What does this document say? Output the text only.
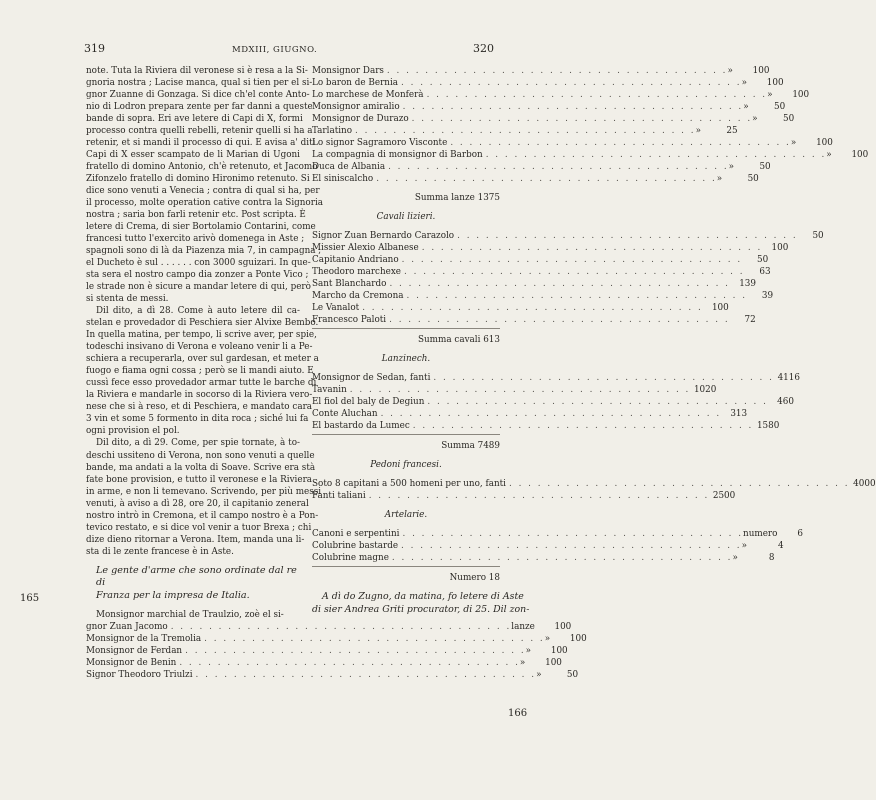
319	MDXIII, GIUGNO.	320
165
166
note. Tuta la Riviera dil veronese si è resa a la Si-
gnoria nostra ; Lacise manca, qual si tien per el si-
gnor Zuanne di Gonzaga. Si dice ch'el conte Anto-
nio di Lodron prepara zente per far danni a queste
bande di sopra. Eri ave letere di Capi di X, formi
processo contra quelli rebelli, retenir quelli si ha a
retenir, et si mandi il processo di qui. E avisa a' diti
Capi di X esser scampato de li Marian di Ugoni
fratello di domino Antonio, ch'è retenuto, et Jacomo
Zifonzelo fratello di domino Hironimo retenuto. Si
dice sono venuti a Venecia ; contra di qual si ha, per
il processo, molte operation cative contra la Signoria
nostra ; saria bon farli retenir etc. Post scripta. È
letere di Crema, di sier Bortolamio Contarini, come
francesi tutto l'exercito arivò domenega in Aste ;
spagnoli sono di là da Piazenza mia 7, in campagna ;
el Ducheto è sul . . . . . . con 3000 sguizari. In que-
sta sera el nostro campo dia zonzer a Ponte Vico ;
le strade non è sicure a mandar letere di qui, però
si stenta de messi.
Dil dito, a dì 28. Come à auto letere dil ca-
stelan e provedador di Peschiera sier Alvixe Bembo.
In quella matina, per tempo, li scrive aver, per spie,
todeschi insivano di Verona e voleano venir li a Pe-
schiera a recuperarla, over sul gardesan, et meter a
fuogo e fiama ogni cossa ; però se li mandi aiuto. E
cussì fece esso provedador armar tutte le barche di
la Riviera e mandarle in socorso di la Riviera vero-
nese che si à reso, et di Peschiera, e mandato cara
3 vin et some 5 formento in dita roca ; siché lui fa
ogni provision el pol.
Dil dito, a dì 29. Come, per spie tornate, à to-
deschi ussiteno di Verona, non sono venuti a quelle
bande, ma andati a la volta di Soave. Scrive era stà
fate bone provision, e tutto il veronese e la Riviera
in arme, e non li temevano. Scrivendo, per più messi
venuti, à aviso a dì 28, ore 20, il capitanio zeneral
nostro intrò in Cremona, et il campo nostro è a Pon-
tevico restato, e si dice vol venir a tuor Brexa ; chi
dize dieno ritornar a Verona. Item, manda una li-
sta di le zente francese è in Aste.
Le gente d'arme che sono ordinate dal re di
Franza per la impresa de Italia.
Monsignor marchial de Traulzio, zoè el si-
gnor Zuan Jacomo . . . . . . . . . . . . . . . . . . . . . . . . . . . . . . . . . . . . lanze	100
Monsignor de la Tremolia . . . . . . . . . . . . . . . . . . . . . . . . . . . . . . . . . . . . »	100
Monsignor de Ferdan . . . . . . . . . . . . . . . . . . . . . . . . . . . . . . . . . . . . »	100
Monsignor de Benin . . . . . . . . . . . . . . . . . . . . . . . . . . . . . . . . . . . . »	100
Signor Theodoro Triulzi . . . . . . . . . . . . . . . . . . . . . . . . . . . . . . . . . . . . »	50
Monsignor Dars . . . . . . . . . . . . . . . . . . . . . . . . . . . . . . . . . . . . »	100
Lo baron de Bernia . . . . . . . . . . . . . . . . . . . . . . . . . . . . . . . . . . . . »	100
Lo marchese de Monferà . . . . . . . . . . . . . . . . . . . . . . . . . . . . . . . . . . . . »	100
Monsignor amiralio . . . . . . . . . . . . . . . . . . . . . . . . . . . . . . . . . . . . »	50
Monsignor de Durazo . . . . . . . . . . . . . . . . . . . . . . . . . . . . . . . . . . . . »	50
Tarlatino . . . . . . . . . . . . . . . . . . . . . . . . . . . . . . . . . . . . »	25
Lo signor Sagramoro Visconte . . . . . . . . . . . . . . . . . . . . . . . . . . . . . . . . . . . . »	100
La compagnia di monsignor di Barbon . . . . . . . . . . . . . . . . . . . . . . . . . . . . . . . . . . . . »	100
Duca de Albania . . . . . . . . . . . . . . . . . . . . . . . . . . . . . . . . . . . . »	50
El siniscalcho . . . . . . . . . . . . . . . . . . . . . . . . . . . . . . . . . . . . »	50
Summa lanze 1375
Cavali lizieri.
Signor Zuan Bernardo Carazolo . . . . . . . . . . . . . . . . . . . . . . . . . . . . . . . . . . . .	50
Missier Alexio Albanese . . . . . . . . . . . . . . . . . . . . . . . . . . . . . . . . . . . .	100
Capitanio Andriano . . . . . . . . . . . . . . . . . . . . . . . . . . . . . . . . . . . .	50
Theodoro marchexe . . . . . . . . . . . . . . . . . . . . . . . . . . . . . . . . . . . .	63
Sant Blanchardo . . . . . . . . . . . . . . . . . . . . . . . . . . . . . . . . . . . .	139
Marcho da Cremona . . . . . . . . . . . . . . . . . . . . . . . . . . . . . . . . . . . .	39
Le Vanalot . . . . . . . . . . . . . . . . . . . . . . . . . . . . . . . . . . . .	100
Francesco Paloti . . . . . . . . . . . . . . . . . . . . . . . . . . . . . . . . . . . .	72
Summa cavali 613
Lanzinech.
Monsignor de Sedan, fanti . . . . . . . . . . . . . . . . . . . . . . . . . . . . . . . . . . . . 4116
Tavanin . . . . . . . . . . . . . . . . . . . . . . . . . . . . . . . . . . . . 1020
El fiol del baly de Degiun . . . . . . . . . . . . . . . . . . . . . . . . . . . . . . . . . . . .	460
Conte Aluchan . . . . . . . . . . . . . . . . . . . . . . . . . . . . . . . . . . . .	313
El bastardo da Lumec . . . . . . . . . . . . . . . . . . . . . . . . . . . . . . . . . . . . 1580
Summa 7489
Pedoni francesi.
Soto 8 capitani a 500 homeni per uno, fanti . . . . . . . . . . . . . . . . . . . . . . . . . . . . . . . . . . . . 4000
Fanti taliani . . . . . . . . . . . . . . . . . . . . . . . . . . . . . . . . . . . . 2500
Artelarie.
Canoni e serpentini . . . . . . . . . . . . . . . . . . . . . . . . . . . . . . . . . . . . numero	6
Colubrine bastarde . . . . . . . . . . . . . . . . . . . . . . . . . . . . . . . . . . . . »	4
Colubrine magne . . . . . . . . . . . . . . . . . . . . . . . . . . . . . . . . . . . . »	8
Numero 18
A dì do Zugno, da matina, fo letere di Aste
di sier Andrea Griti procurator, di 25. Dil zon-
